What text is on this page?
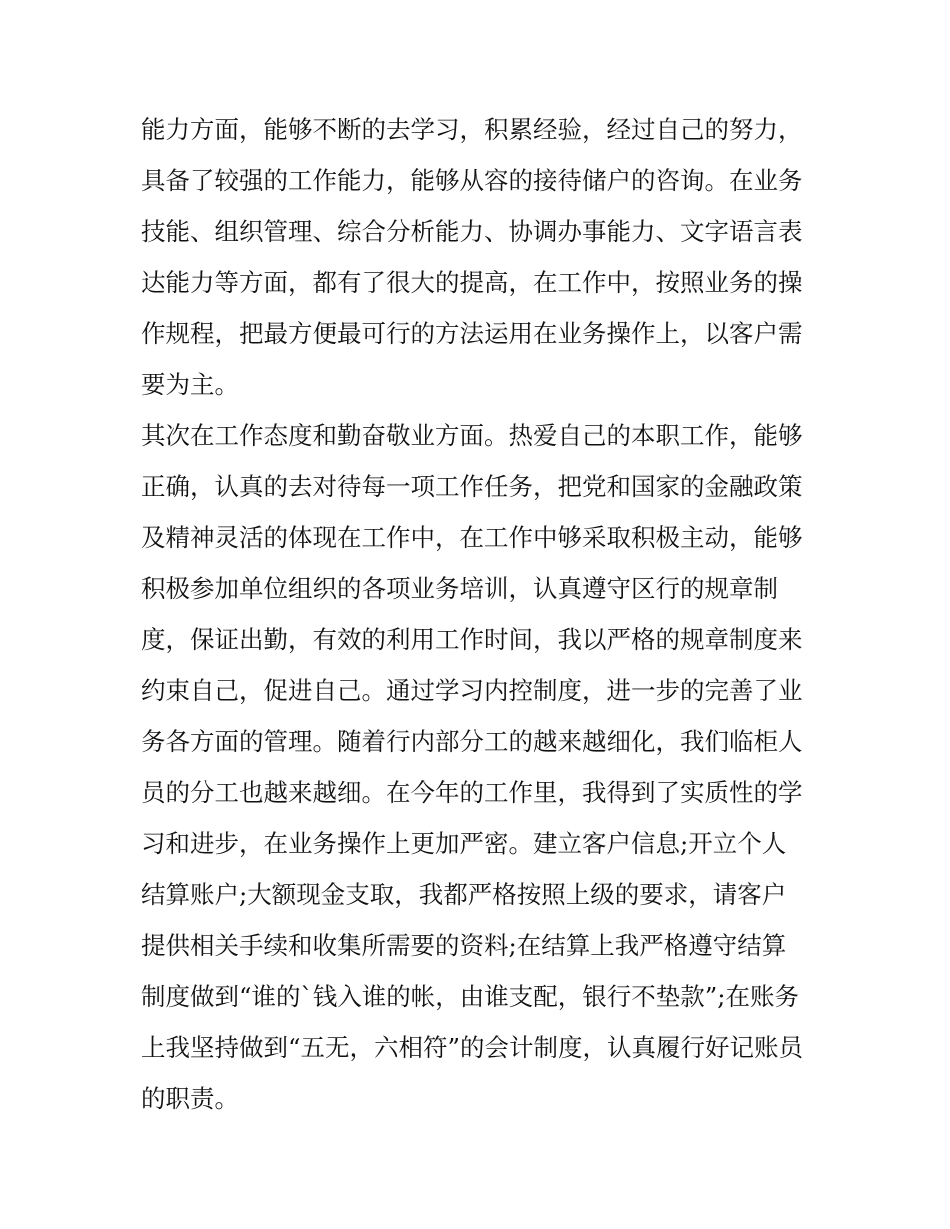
能力方面，能够不断的去学习，积累经验，经过自己的努力，
具备了较强的工作能力，能够从容的接待储户的咨询。在业务
技能、组织管理、综合分析能力、协调办事能力、文字语言表
达能力等方面，都有了很大的提高，在工作中，按照业务的操
作规程，把最方便最可行的方法运用在业务操作上，以客户需
要为主。
其次在工作态度和勤奋敬业方面。热爱自己的本职工作，能够
正确，认真的去对待每一项工作任务，把党和国家的金融政策
及精神灵活的体现在工作中，在工作中够采取积极主动，能够
积极参加单位组织的各项业务培训，认真遵守区行的规章制
度，保证出勤，有效的利用工作时间，我以严格的规章制度来
约束自己，促进自己。通过学习内控制度，进一步的完善了业
务各方面的管理。随着行内部分工的越来越细化，我们临柜人
员的分工也越来越细。在今年的工作里，我得到了实质性的学
习和进步，在业务操作上更加严密。建立客户信息;开立个人
结算账户;大额现金支取，我都严格按照上级的要求，请客户
提供相关手续和收集所需要的资料;在结算上我严格遵守结算
制度做到“谁的`钱入谁的帐，由谁支配，银行不垫款”;在账务
上我坚持做到“五无，六相符”的会计制度，认真履行好记账员
的职责。
